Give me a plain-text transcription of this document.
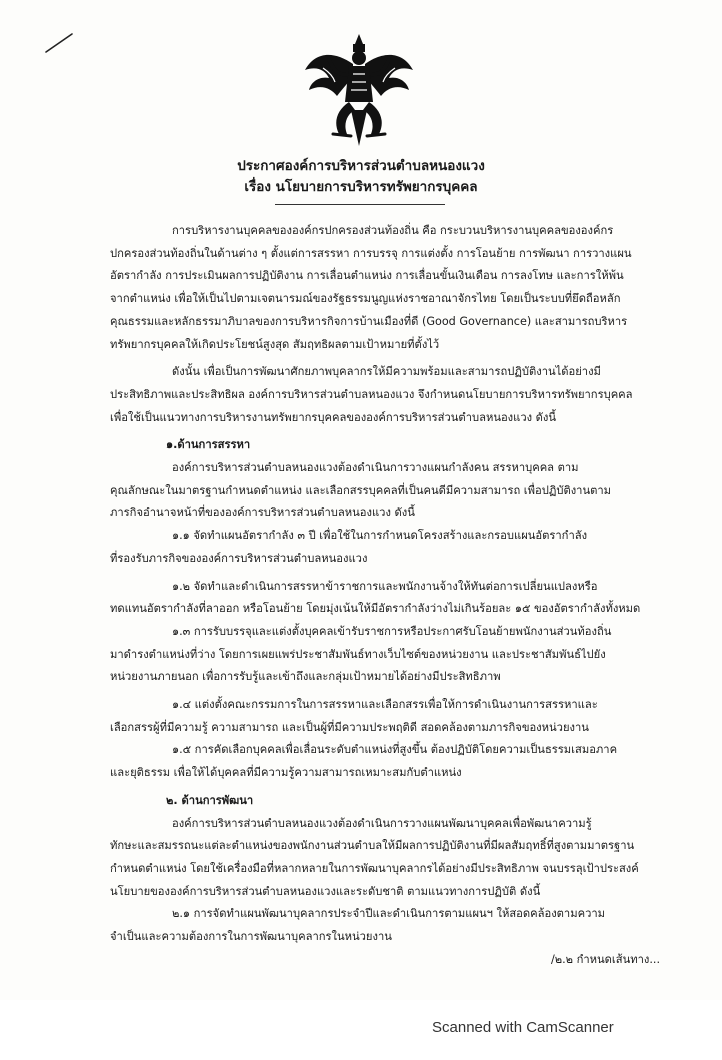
ประกาศองค์การบริหารส่วนตำบลหนองแวง
เรื่อง นโยบายการบริหารทรัพยากรบุคคล

การบริหารงานบุคคลขององค์กรปกครองส่วนท้องถิ่น คือ กระบวนบริหารงานบุคคลขององค์กร

ปกครองส่วนท้องถิ่นในด้านต่าง ๆ ตั้งแต่การสรรหา การบรรจุ การแต่งตั้ง การโอนย้าย การพัฒนา การวางแผน

อัตรากำลัง การประเมินผลการปฏิบัติงาน การเลื่อนตำแหน่ง การเลื่อนขั้นเงินเดือน การลงโทษ และการให้พ้น

จากตำแหน่ง เพื่อให้เป็นไปตามเจตนารมณ์ของรัฐธรรมนูญแห่งราชอาณาจักรไทย โดยเป็นระบบที่ยึดถือหลัก

คุณธรรมและหลักธรรมาภิบาลของการบริหารกิจการบ้านเมืองที่ดี (Good Governance) และสามารถบริหาร

ทรัพยากรบุคคลให้เกิดประโยชน์สูงสุด สัมฤทธิผลตามเป้าหมายที่ตั้งไว้

ดังนั้น เพื่อเป็นการพัฒนาศักยภาพบุคลากรให้มีความพร้อมและสามารถปฏิบัติงานได้อย่างมี

ประสิทธิภาพและประสิทธิผล องค์การบริหารส่วนตำบลหนองแวง จึงกำหนดนโยบายการบริหารทรัพยากรบุคคล

เพื่อใช้เป็นแนวทางการบริหารงานทรัพยากรบุคคลขององค์การบริหารส่วนตำบลหนองแวง ดังนี้

๑.ด้านการสรรหา

องค์การบริหารส่วนตำบลหนองแวงต้องดำเนินการวางแผนกำลังคน สรรหาบุคคล ตาม

คุณลักษณะในมาตรฐานกำหนดตำแหน่ง และเลือกสรรบุคคลที่เป็นคนดีมีความสามารถ เพื่อปฏิบัติงานตาม

ภารกิจอำนาจหน้าที่ขององค์การบริหารส่วนตำบลหนองแวง ดังนี้

๑.๑ จัดทำแผนอัตรากำลัง ๓ ปี เพื่อใช้ในการกำหนดโครงสร้างและกรอบแผนอัตรากำลัง

ที่รองรับภารกิจขององค์การบริหารส่วนตำบลหนองแวง

๑.๒ จัดทำและดำเนินการสรรหาข้าราชการและพนักงานจ้างให้ทันต่อการเปลี่ยนแปลงหรือ

ทดแทนอัตรากำลังที่ลาออก หรือโอนย้าย โดยมุ่งเน้นให้มีอัตรากำลังว่างไม่เกินร้อยละ ๑๕ ของอัตรากำลังทั้งหมด

๑.๓ การรับบรรจุและแต่งตั้งบุคคลเข้ารับราชการหรือประกาศรับโอนย้ายพนักงานส่วนท้องถิ่น

มาดำรงตำแหน่งที่ว่าง โดยการเผยแพร่ประชาสัมพันธ์ทางเว็บไซต์ของหน่วยงาน และประชาสัมพันธ์ไปยัง

หน่วยงานภายนอก เพื่อการรับรู้และเข้าถึงและกลุ่มเป้าหมายได้อย่างมีประสิทธิภาพ

๑.๔ แต่งตั้งคณะกรรมการในการสรรหาและเลือกสรรเพื่อให้การดำเนินงานการสรรหาและ

เลือกสรรผู้ที่มีความรู้ ความสามารถ และเป็นผู้ที่มีความประพฤติดี สอดคล้องตามภารกิจของหน่วยงาน

๑.๕ การคัดเลือกบุคคลเพื่อเลื่อนระดับตำแหน่งที่สูงขึ้น ต้องปฏิบัติโดยความเป็นธรรมเสมอภาค

และยุติธรรม เพื่อให้ได้บุคคลที่มีความรู้ความสามารถเหมาะสมกับตำแหน่ง

๒. ด้านการพัฒนา

องค์การบริหารส่วนตำบลหนองแวงต้องดำเนินการวางแผนพัฒนาบุคคลเพื่อพัฒนาความรู้

ทักษะและสมรรถนะแต่ละตำแหน่งของพนักงานส่วนตำบลให้มีผลการปฏิบัติงานที่มีผลสัมฤทธิ์ที่สูงตามมาตรฐาน

กำหนดตำแหน่ง โดยใช้เครื่องมือที่หลากหลายในการพัฒนาบุคลากรได้อย่างมีประสิทธิภาพ จนบรรลุเป้าประสงค์

นโยบายขององค์การบริหารส่วนตำบลหนองแวงและระดับชาติ ตามแนวทางการปฏิบัติ ดังนี้

๒.๑ การจัดทำแผนพัฒนาบุคลากรประจำปีและดำเนินการตามแผนฯ ให้สอดคล้องตามความ

จำเป็นและความต้องการในการพัฒนาบุคลากรในหน่วยงาน

/๒.๒ กำหนดเส้นทาง...

Scanned with CamScanner
